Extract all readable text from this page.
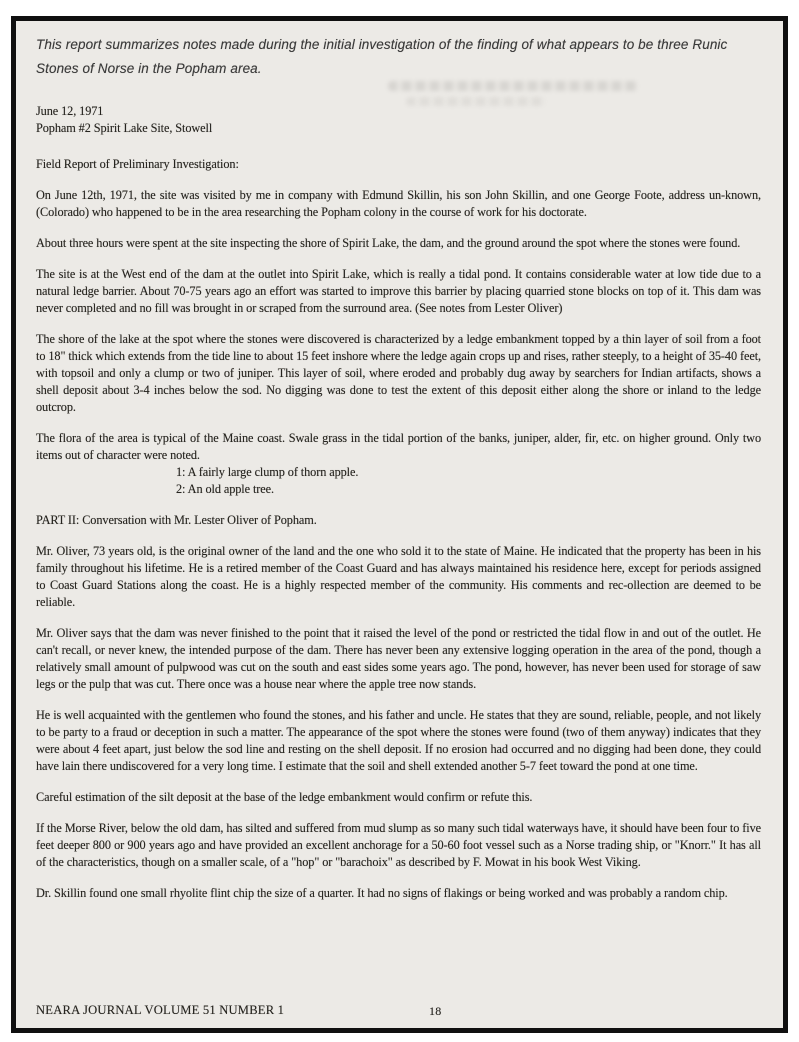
This report summarizes notes made during the initial investigation of the finding of what appears to be three Runic Stones of Norse in the Popham area.

June 12, 1971
Popham #2 Spirit Lake Site, Stowell
Field Report of Preliminary Investigation:

On June 12th, 1971, the site was visited by me in company with Edmund Skillin, his son John Skillin, and one George Foote, address un-known, (Colorado) who happened to be in the area researching the Popham colony in the course of work for his doctorate.

About three hours were spent at the site inspecting the shore of Spirit Lake, the dam, and the ground around the spot where the stones were found.

The site is at the West end of the dam at the outlet into Spirit Lake, which is really a tidal pond. It contains considerable water at low tide due to a natural ledge barrier. About 70-75 years ago an effort was started to improve this barrier by placing quarried stone blocks on top of it. This dam was never completed and no fill was brought in or scraped from the surround area. (See notes from Lester Oliver)

The shore of the lake at the spot where the stones were discovered is characterized by a ledge embankment topped by a thin layer of soil from a foot to 18" thick which extends from the tide line to about 15 feet inshore where the ledge again crops up and rises, rather steeply, to a height of 35-40 feet, with topsoil and only a clump or two of juniper. This layer of soil, where eroded and probably dug away by searchers for Indian artifacts, shows a shell deposit about 3-4 inches below the sod. No digging was done to test the extent of this deposit either along the shore or inland to the ledge outcrop.

The flora of the area is typical of the Maine coast. Swale grass in the tidal portion of the banks, juniper, alder, fir, etc. on higher ground. Only two items out of character were noted.

1: A fairly large clump of thorn apple.
2: An old apple tree.
PART II: Conversation with Mr. Lester Oliver of Popham.

Mr. Oliver, 73 years old, is the original owner of the land and the one who sold it to the state of Maine. He indicated that the property has been in his family throughout his lifetime. He is a retired member of the Coast Guard and has always maintained his residence here, except for periods assigned to Coast Guard Stations along the coast. He is a highly respected member of the community. His comments and rec-ollection are deemed to be reliable.

Mr. Oliver says that the dam was never finished to the point that it raised the level of the pond or restricted the tidal flow in and out of the outlet. He can't recall, or never knew, the intended purpose of the dam. There has never been any extensive logging operation in the area of the pond, though a relatively small amount of pulpwood was cut on the south and east sides some years ago. The pond, however, has never been used for storage of saw legs or the pulp that was cut. There once was a house near where the apple tree now stands.

He is well acquainted with the gentlemen who found the stones, and his father and uncle. He states that they are sound, reliable, people, and not likely to be party to a fraud or deception in such a matter. The appearance of the spot where the stones were found (two of them anyway) indicates that they were about 4 feet apart, just below the sod line and resting on the shell deposit. If no erosion had occurred and no digging had been done, they could have lain there undiscovered for a very long time. I estimate that the soil and shell extended another 5-7 feet toward the pond at one time.

Careful estimation of the silt deposit at the base of the ledge embankment would confirm or refute this.

If the Morse River, below the old dam, has silted and suffered from mud slump as so many such tidal waterways have, it should have been four to five feet deeper 800 or 900 years ago and have provided an excellent anchorage for a 50-60 foot vessel such as a Norse trading ship, or "Knorr." It has all of the characteristics, though on a smaller scale, of a "hop" or "barachoix" as described by F. Mowat in his book West Viking.

Dr. Skillin found one small rhyolite flint chip the size of a quarter. It had no signs of flakings or being worked and was probably a random chip.

NEARA JOURNAL VOLUME 51 NUMBER 1	18
